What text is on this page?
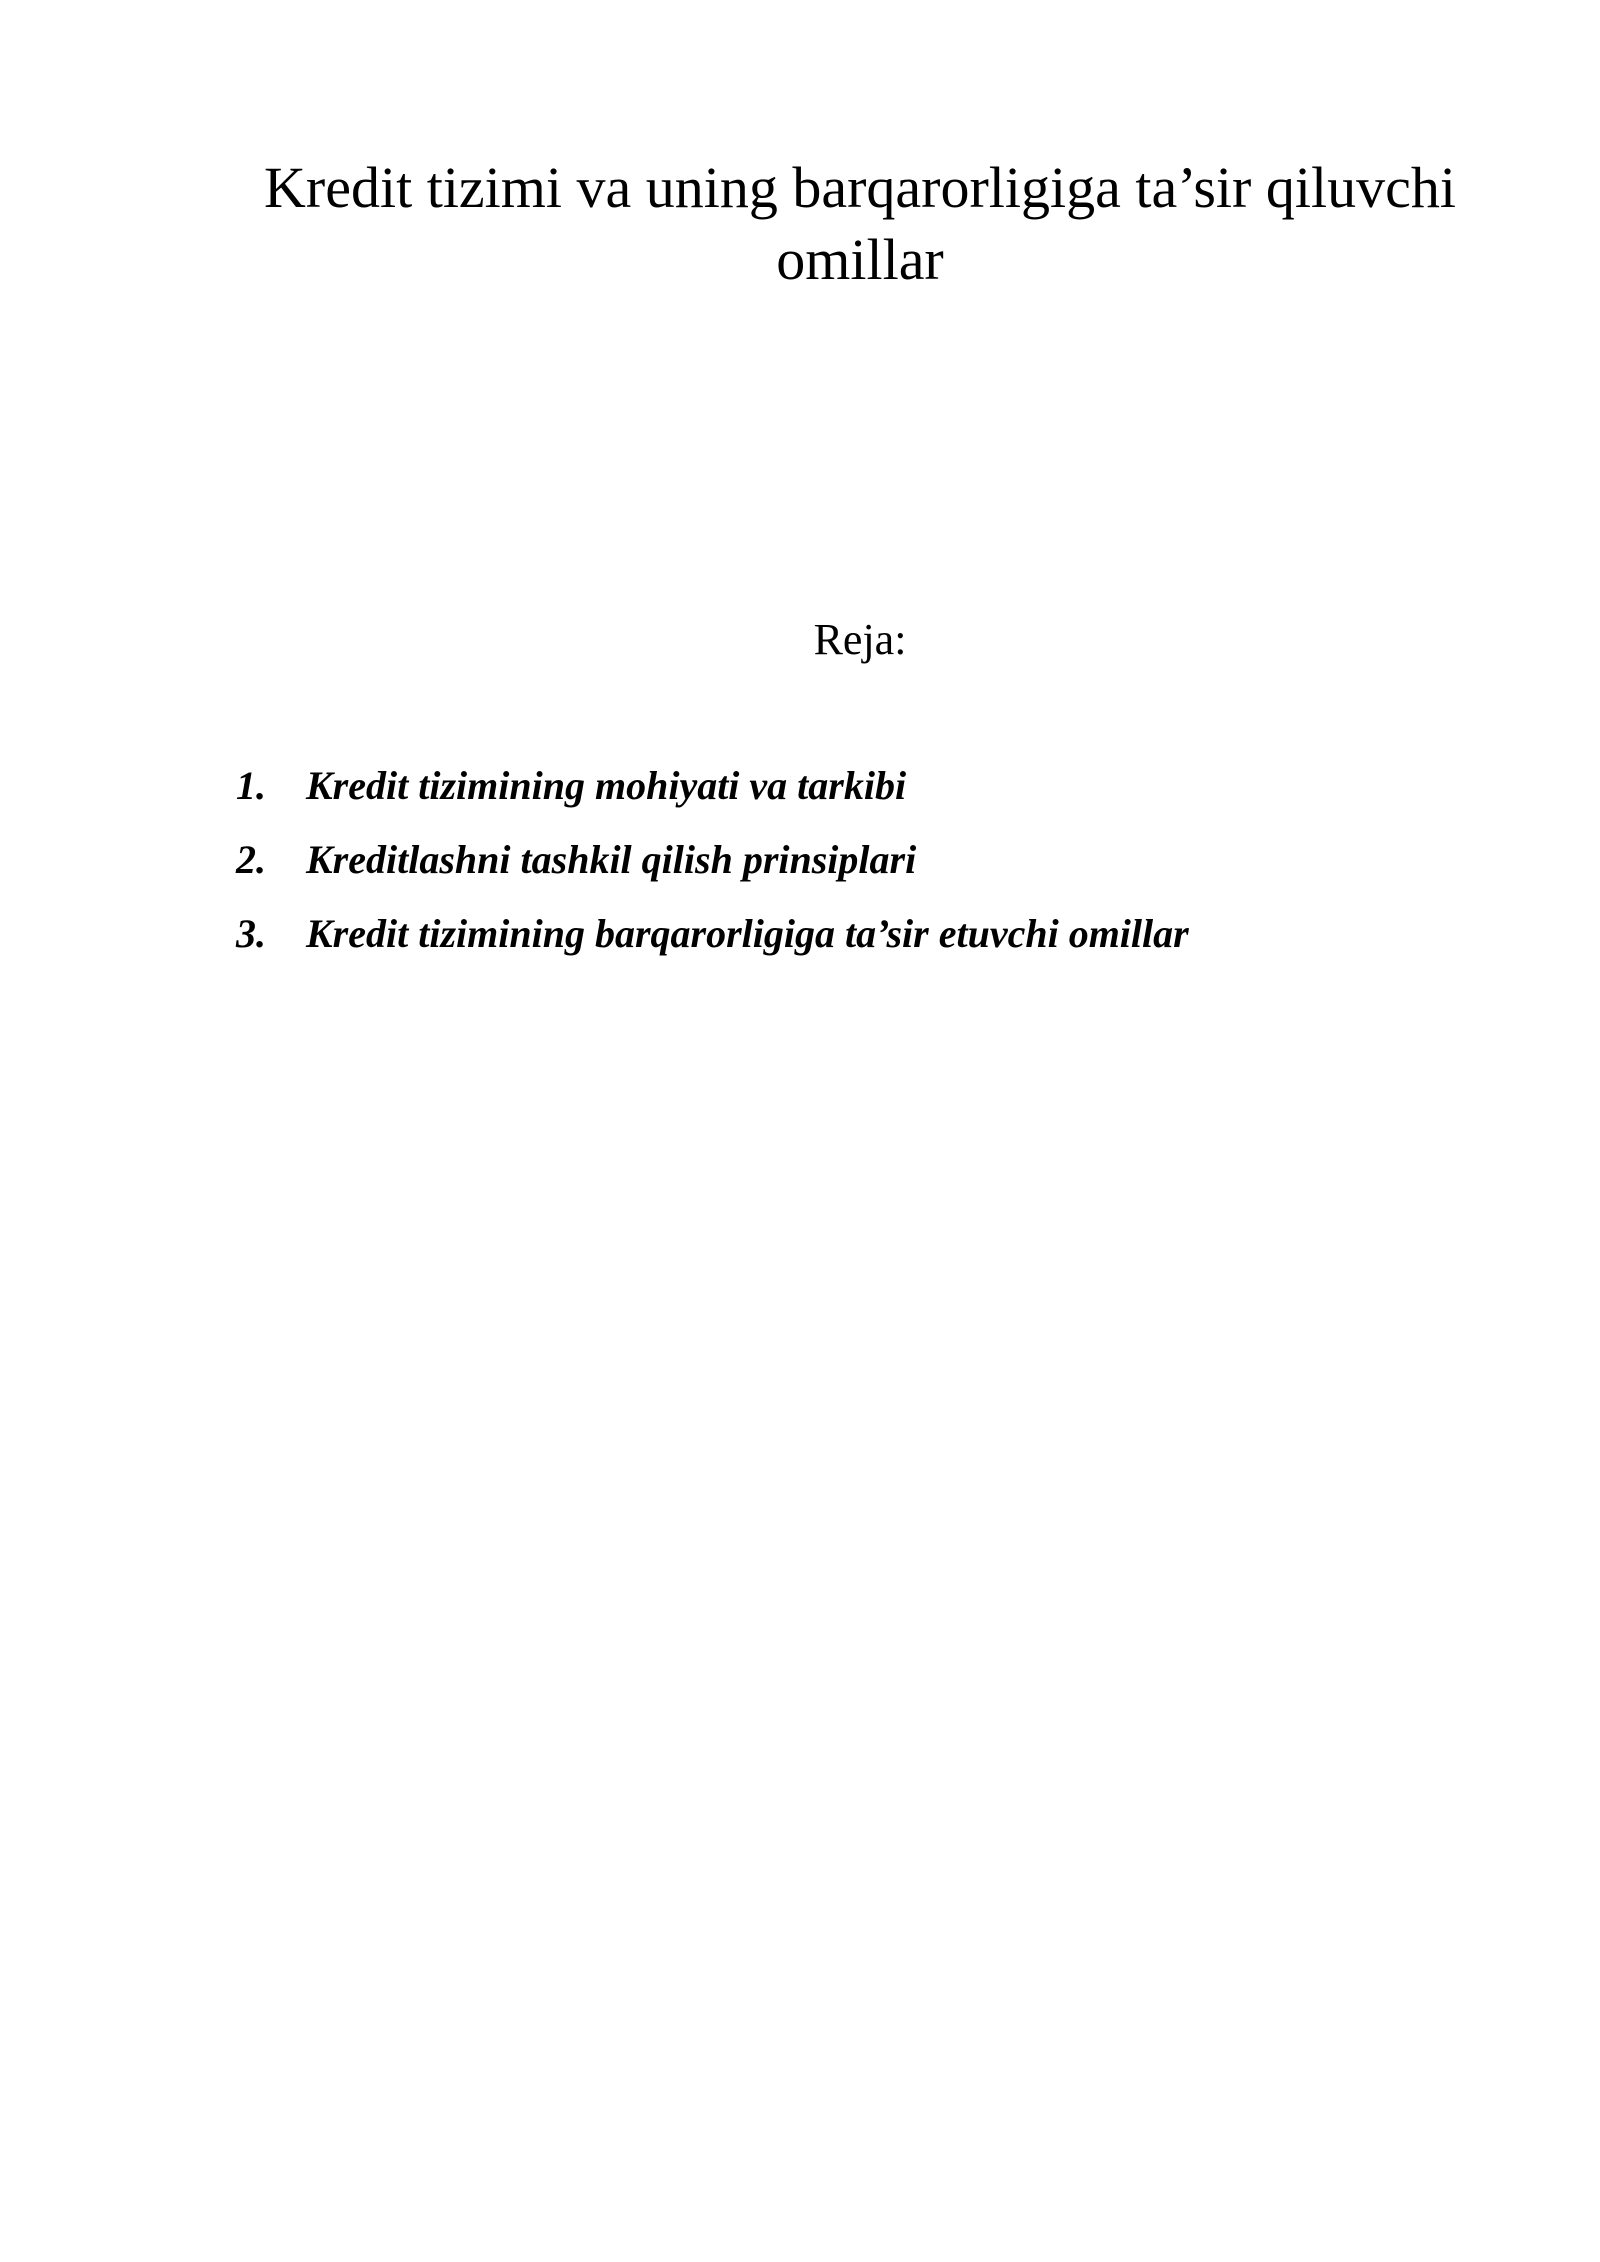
Kredit tizimi va uning barqarorligiga ta’sir qiluvchi omillar
Reja:
1.	Kredit tizimining mohiyati va tarkibi
2.	Kreditlashni tashkil qilish prinsiplari
3.	Kredit tizimining barqarorligiga ta’sir etuvchi omillar
